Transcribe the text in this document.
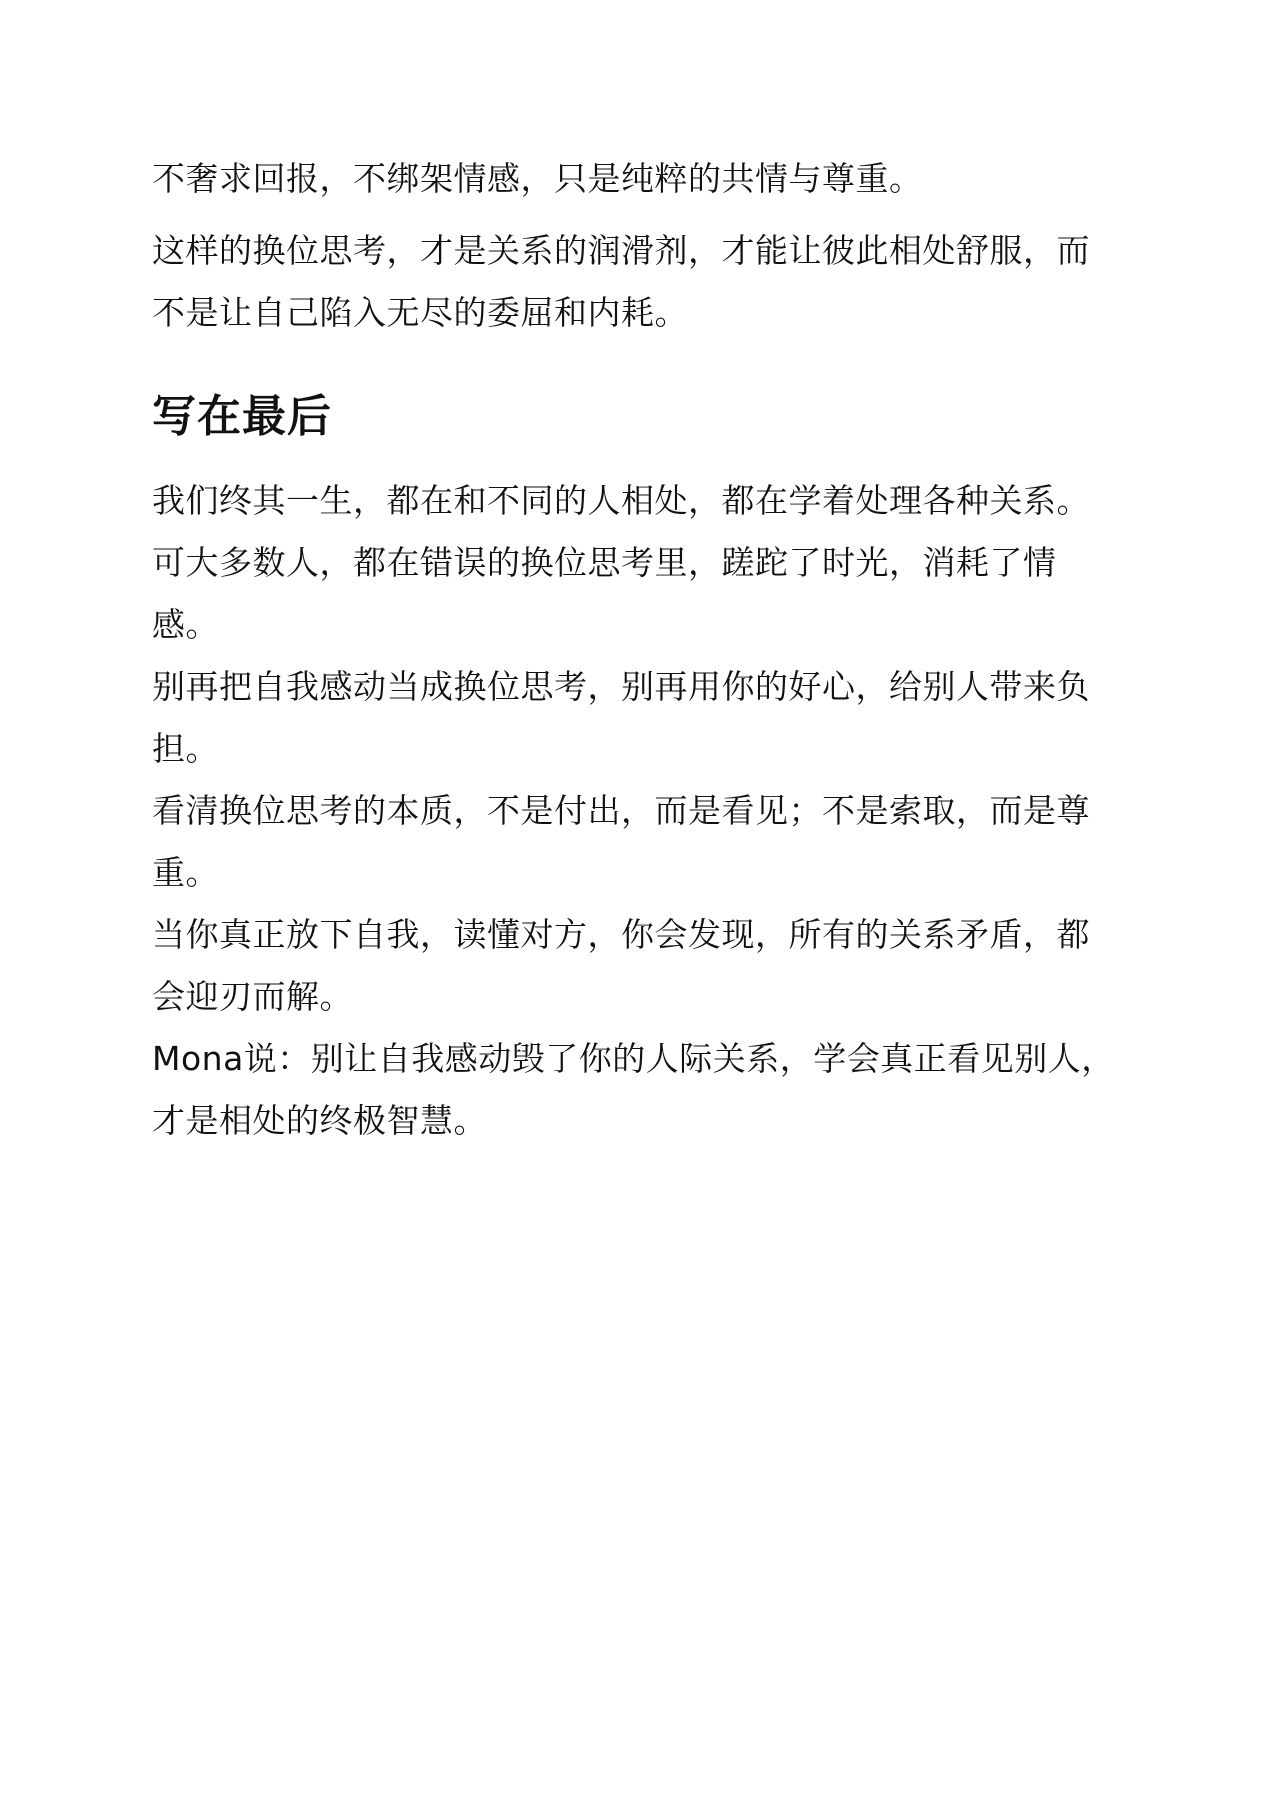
不奢求回报，不绑架情感，只是纯粹的共情与尊重。

这样的换位思考，才是关系的润滑剂，才能让彼此相处舒服，而不是让自己陷入无尽的委屈和内耗。

写在最后

我们终其一生，都在和不同的人相处，都在学着处理各种关系。

可大多数人，都在错误的换位思考里，蹉跎了时光，消耗了情感。

别再把自我感动当成换位思考，别再用你的好心，给别人带来负担。

看清换位思考的本质，不是付出，而是看见；不是索取，而是尊重。

当你真正放下自我，读懂对方，你会发现，所有的关系矛盾，都会迎刃而解。

Mona说：别让自我感动毁了你的人际关系，学会真正看见别人，才是相处的终极智慧。
